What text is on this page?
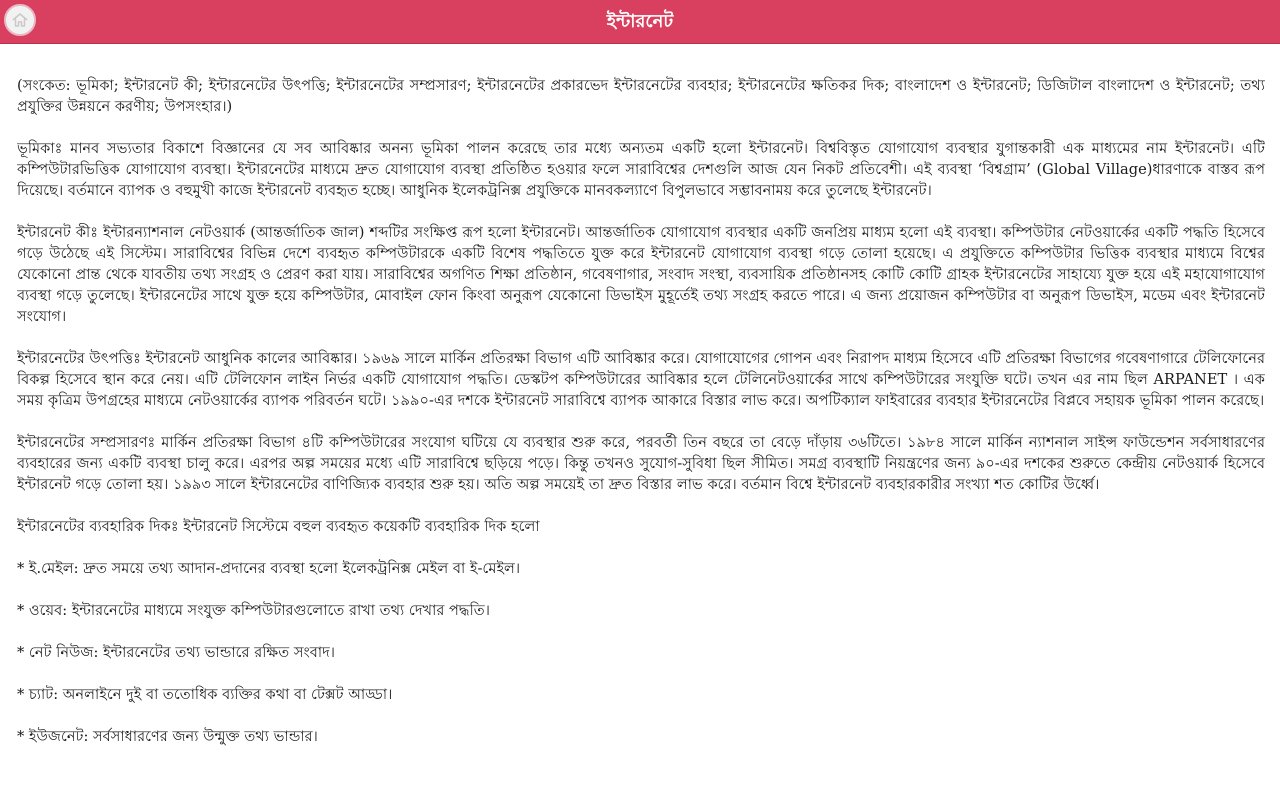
ইন্টারনেট

(সংকেত: ভূমিকা; ইন্টারনেট কী; ইন্টারনেটের উৎপত্তি; ইন্টারনেটের সম্প্রসারণ; ইন্টারনেটের প্রকারভেদ ইন্টারনেটের ব্যবহার; ইন্টারনেটের ক্ষতিকর দিক; বাংলাদেশ ও ইন্টারনেট; ডিজিটাল বাংলাদেশ ও ইন্টারনেট; তথ্য প্রযুক্তির উন্নয়নে করণীয়; উপসংহার।)

ভূমিকাঃ মানব সভ্যতার বিকাশে বিজ্ঞানের যে সব আবিষ্কার অনন্য ভূমিকা পালন করেছে তার মধ্যে অন্যতম একটি হলো ইন্টারনেট। বিশ্ববিস্তৃত যোগাযোগ ব্যবস্থার যুগান্তকারী এক মাধ্যমের নাম ইন্টারনেট। এটি কম্পিউটারভিত্তিক যোগাযোগ ব্যবস্থা। ইন্টারনেটের মাধ্যমে দ্রুত যোগাযোগ ব্যবস্থা প্রতিষ্ঠিত হওয়ার ফলে সারাবিশ্বের দেশগুলি আজ যেন নিকট প্রতিবেশী। এই ব্যবস্থা ‘বিশ্বগ্রাম’ (Global Village)ধারণাকে বাস্তব রূপ দিয়েছে। বর্তমানে ব্যাপক ও বহুমুখী কাজে ইন্টারনেট ব্যবহৃত হচ্ছে। আধুনিক ইলেকট্রনিক্স প্রযুক্তিকে মানবকল্যাণে বিপুলভাবে সম্ভাবনাময় করে তুলেছে ইন্টারনেট।

ইন্টারনেট কীঃ ইন্টারন্যাশনাল নেটওয়ার্ক (আন্তর্জাতিক জাল) শব্দটির সংক্ষিপ্ত রূপ হলো ইন্টারনেট। আন্তর্জাতিক যোগাযোগ ব্যবস্থার একটি জনপ্রিয় মাধ্যম হলো এই ব্যবস্থা। কম্পিউটার নেটওয়ার্কের একটি পদ্ধতি হিসেবে গড়ে উঠেছে এই সিস্টেম। সারাবিশ্বের বিভিন্ন দেশে ব্যবহৃত কম্পিউটারকে একটি বিশেষ পদ্ধতিতে যুক্ত করে ইন্টারনেট যোগাযোগ ব্যবস্থা গড়ে তোলা হয়েছে। এ প্রযুক্তিতে কম্পিউটার ভিত্তিক ব্যবস্থার মাধ্যমে বিশ্বের যেকোনো প্রান্ত থেকে যাবতীয় তথ্য সংগ্রহ ও প্রেরণ করা যায়। সারাবিশ্বের অগণিত শিক্ষা প্রতিষ্ঠান, গবেষণাগার, সংবাদ সংস্থা, ব্যবসায়িক প্রতিষ্ঠানসহ কোটি কোটি গ্রাহক ইন্টারনেটের সাহায্যে যুক্ত হয়ে এই মহাযোগাযোগ ব্যবস্থা গড়ে তুলেছে। ইন্টারনেটের সাথে যুক্ত হয়ে কম্পিউটার, মোবাইল ফোন কিংবা অনুরূপ যেকোনো ডিভাইস মুহূর্তেই তথ্য সংগ্রহ করতে পারে। এ জন্য প্রয়োজন কম্পিউটার বা অনুরূপ ডিভাইস, মডেম এবং ইন্টারনেট সংযোগ।

ইন্টারনেটের উৎপত্তিঃ ইন্টারনেট আধুনিক কালের আবিষ্কার। ১৯৬৯ সালে মার্কিন প্রতিরক্ষা বিভাগ এটি আবিষ্কার করে। যোগাযোগের গোপন এবং নিরাপদ মাধ্যম হিসেবে এটি প্রতিরক্ষা বিভাগের গবেষণাগারে টেলিফোনের বিকল্প হিসেবে স্থান করে নেয়। এটি টেলিফোন লাইন নির্ভর একটি যোগাযোগ পদ্ধতি। ডেস্কটপ কম্পিউটারের আবিষ্কার হলে টেলিনেটওয়ার্কের সাথে কম্পিউটারের সংযুক্তি ঘটে। তখন এর নাম ছিল ARPANET । এক সময় কৃত্রিম উপগ্রহের মাধ্যমে নেটওয়ার্কের ব্যাপক পরিবর্তন ঘটে। ১৯৯০-এর দশকে ইন্টারনেট সারাবিশ্বে ব্যাপক আকারে বিস্তার লাভ করে। অপটিক্যাল ফাইবারের ব্যবহার ইন্টারনেটের বিপ্লবে সহায়ক ভূমিকা পালন করেছে।

ইন্টারনেটের সম্প্রসারণঃ মার্কিন প্রতিরক্ষা বিভাগ ৪টি কম্পিউটারের সংযোগ ঘটিয়ে যে ব্যবস্থার শুরু করে, পরবর্তী তিন বছরে তা বেড়ে দাঁড়ায় ৩৬টিতে। ১৯৮৪ সালে মার্কিন ন্যাশনাল সাইন্স ফাউন্ডেশন সর্বসাধারণের ব্যবহারের জন্য একটি ব্যবস্থা চালু করে। এরপর অল্প সময়ের মধ্যে এটি সারাবিশ্বে ছড়িয়ে পড়ে। কিন্তু তখনও সুযোগ-সুবিধা ছিল সীমিত। সমগ্র ব্যবস্থাটি নিয়ন্ত্রণের জন্য ৯০-এর দশকের শুরুতে কেন্দ্রীয় নেটওয়ার্ক হিসেবে ইন্টারনেট গড়ে তোলা হয়। ১৯৯৩ সালে ইন্টারনেটের বাণিজ্যিক ব্যবহার শুরু হয়। অতি অল্প সময়েই তা দ্রুত বিস্তার লাভ করে। বর্তমান বিশ্বে ইন্টারনেট ব্যবহারকারীর সংখ্যা শত কোটির উর্ধ্বে।

ইন্টারনেটের ব্যবহারিক দিকঃ ইন্টারনেট সিস্টেমে বহুল ব্যবহৃত কয়েকটি ব্যবহারিক দিক হলো

* ই.মেইল: দ্রুত সময়ে তথ্য আদান-প্রদানের ব্যবস্থা হলো ইলেকট্রনিক্স মেইল বা ই-মেইল।

* ওয়েব: ইন্টারনেটের মাধ্যমে সংযুক্ত কম্পিউটারগুলোতে রাখা তথ্য দেখার পদ্ধতি।

* নেট নিউজ: ইন্টারনেটের তথ্য ভান্ডারে রক্ষিত সংবাদ।

* চ্যাট: অনলাইনে দুই বা ততোধিক ব্যক্তির কথা বা টেক্সট আড্ডা।

* ইউজনেট: সর্বসাধারণের জন্য উন্মুক্ত তথ্য ভান্ডার।
